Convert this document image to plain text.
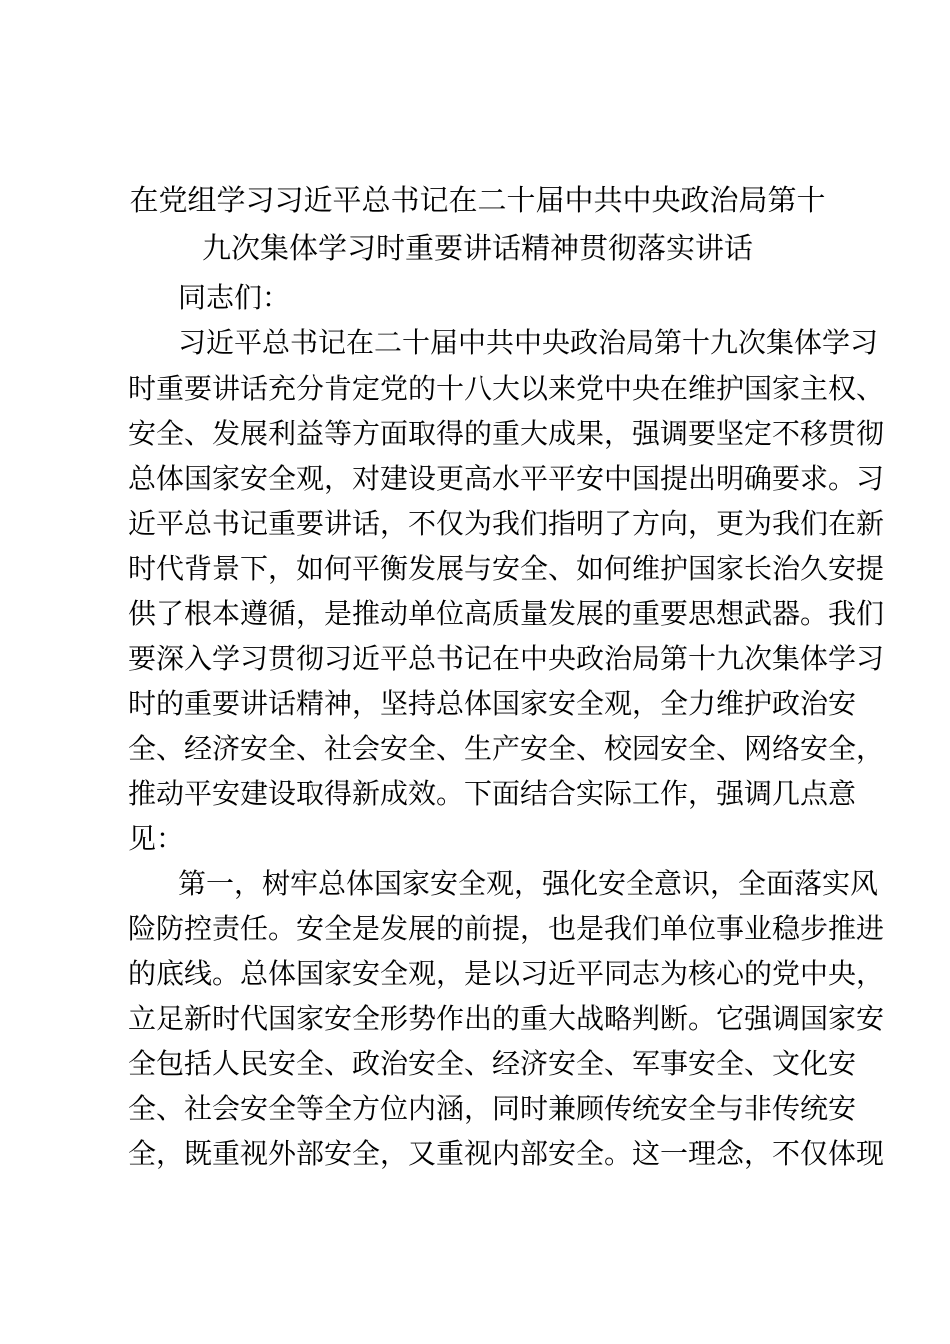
在党组学习习近平总书记在二十届中共中央政治局第十
九次集体学习时重要讲话精神贯彻落实讲话
同志们：
习近平总书记在二十届中共中央政治局第十九次集体学习
时重要讲话充分肯定党的十八大以来党中央在维护国家主权、
安全、发展利益等方面取得的重大成果，强调要坚定不移贯彻
总体国家安全观，对建设更高水平平安中国提出明确要求。习
近平总书记重要讲话，不仅为我们指明了方向，更为我们在新
时代背景下，如何平衡发展与安全、如何维护国家长治久安提
供了根本遵循，是推动单位高质量发展的重要思想武器。我们
要深入学习贯彻习近平总书记在中央政治局第十九次集体学习
时的重要讲话精神，坚持总体国家安全观，全力维护政治安
全、经济安全、社会安全、生产安全、校园安全、网络安全，
推动平安建设取得新成效。下面结合实际工作，强调几点意
见：
第一，树牢总体国家安全观，强化安全意识，全面落实风
险防控责任。安全是发展的前提，也是我们单位事业稳步推进
的底线。总体国家安全观，是以习近平同志为核心的党中央，
立足新时代国家安全形势作出的重大战略判断。它强调国家安
全包括人民安全、政治安全、经济安全、军事安全、文化安
全、社会安全等全方位内涵，同时兼顾传统安全与非传统安
全，既重视外部安全，又重视内部安全。这一理念，不仅体现
